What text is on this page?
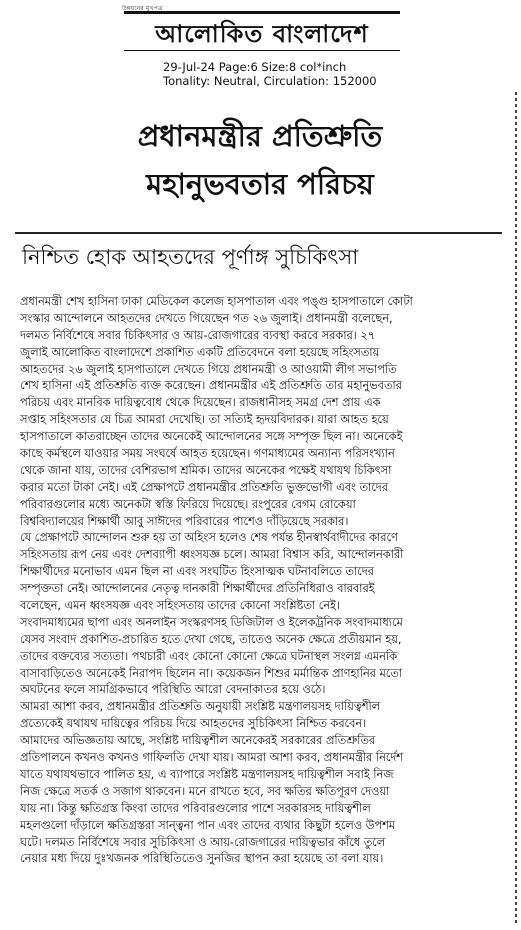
উন্নয়নের মুখপত্র
আলোকিত বাংলাদেশ
29-Jul-24 Page:6 Size:8 col*inch
Tonality: Neutral, Circulation: 152000
প্রধানমন্ত্রীর প্রতিশ্রুতি
মহানুভবতার পরিচয়
নিশ্চিত হোক আহতদের পূর্ণাঙ্গ সুচিকিৎসা
প্রধানমন্ত্রী শেখ হাসিনা ঢাকা মেডিকেল কলেজ হাসপাতাল এবং পঙ্গু হাসপাতালে কোটা
সংস্কার আন্দোলনে আহতদের দেখতে গিয়েছেন গত ২৬ জুলাই। প্রধানমন্ত্রী বলেছেন,
দলমত নির্বিশেষে সবার চিকিৎসার ও আয়-রোজগারের ব্যবস্থা করবে সরকার। ২৭
জুলাই আলোকিত বাংলাদেশে প্রকাশিত একটি প্রতিবেদনে বলা হয়েছে সহিংসতায়
আহতদের ২৬ জুলাই হাসপাতালে দেখতে গিয়ে প্রধানমন্ত্রী ও আওয়ামী লীগ সভাপতি
শেখ হাসিনা এই প্রতিশ্রুতি ব্যক্ত করেছেন। প্রধানমন্ত্রীর এই প্রতিশ্রুতি তার মহানুভবতার
পরিচয় এবং মানবিক দায়িত্ববোধ থেকে দিয়েছেন। রাজধানীসহ সমগ্র দেশ প্রায় এক
সপ্তাহ সহিংসতার যে চিত্র আমরা দেখেছি। তা সত্যিই হৃদয়বিদারক। যারা আহত হয়ে
হাসপাতালে কাতরাচ্ছেন তাদের অনেকেই আন্দোলনের সঙ্গে সম্পৃক্ত ছিল না। অনেকেই
কাছে কর্মস্থলে যাওয়ার সময় সংঘর্ষে আহত হয়েছেন। গণমাধ্যমের অন্যান্য পরিসংখ্যান
থেকে জানা যায়, তাদের বেশিরভাগ শ্রমিক। তাদের অনেকের পক্ষেই যথাযথ চিকিৎসা
করার মতো টাকা নেই। এই প্রেক্ষাপটে প্রধানমন্ত্রীর প্রতিশ্রুতি ভুক্তভোগী এবং তাদের
পরিবারগুলোর মধ্যে অনেকটা স্বস্তি ফিরিয়ে দিয়েছে। রংপুরের বেগম রোকেয়া
বিশ্ববিদ্যালয়ের শিক্ষার্থী আবু সাঈদের পরিবারের পাশেও দাঁড়িয়েছে সরকার।
যে প্রেক্ষাপটে আন্দোলন শুরু হয় তা অহিংস হলেও শেষ পর্যন্ত হীনস্বার্থবাদীদের কারণে
সহিংসতায় রূপ নেয় এবং দেশব্যাপী ধ্বংসযজ্ঞ চলে। আমরা বিশ্বাস করি, আন্দোলনকারী
শিক্ষার্থীদের মনোভাব এমন ছিল না এবং সংঘটিত হিংসাত্মক ঘটনাবলিতে তাদের
সম্পৃক্ততা নেই। আন্দোলনের নেতৃত্ব দানকারী শিক্ষার্থীদের প্রতিনিধিরাও বারবারই
বলেছেন, এমন ধ্বংসযজ্ঞ এবং সহিংসতায় তাদের কোনো সংশ্লিষ্টতা নেই।
সংবাদমাধ্যমের ছাপা এবং অনলাইন সংস্করণসহ ডিজিটাল ও ইলেকট্রনিক সংবাদমাধ্যমে
যেসব সংবাদ প্রকাশিত-প্রচারিত হতে দেখা গেছে, তাতেও অনেক ক্ষেত্রে প্রতীয়মান হয়,
তাদের বক্তব্যের সত্যতা। পথচারী এবং কোনো কোনো ক্ষেত্রে ঘটনাস্থল সংলগ্ন এমনকি
বাসাবাড়িতেও অনেকেই নিরাপদ ছিলেন না। কয়েকজন শিশুর মর্মান্তিক প্রাণহানির মতো
অঘটনের ফলে সামগ্রিকভাবে পরিস্থিতি আরো বেদনাকাতর হয়ে ওঠে।
আমরা আশা করব, প্রধানমন্ত্রীর প্রতিশ্রুতি অনুযায়ী সংশ্লিষ্ট মন্ত্রণালয়সহ দায়িত্বশীল
প্রত্যেকেই যথাযথ দায়িত্বের পরিচয় দিয়ে আহতদের সুচিকিৎসা নিশ্চিত করবেন।
আমাদের অভিজ্ঞতায় আছে, সংশ্লিষ্ট দায়িত্বশীল অনেকেরই সরকারের প্রতিশ্রুতির
প্রতিপালনে কখনও কখনও গাফিলতি দেখা যায়। আমরা আশা করব, প্রধানমন্ত্রীর নির্দেশ
যাতে যথাযথভাবে পালিত হয়, এ ব্যাপারে সংশ্লিষ্ট মন্ত্রণালয়সহ দায়িত্বশীল সবাই নিজ
নিজ ক্ষেত্রে সতর্ক ও সজাগ থাকবেন। মনে রাখতে হবে, সব ক্ষতির ক্ষতিপূরণ দেওয়া
যায় না। কিন্তু ক্ষতিগ্রস্ত কিংবা তাদের পরিবারগুলোর পাশে সরকারসহ দায়িত্বশীল
মহলগুলো দাঁড়ালে ক্ষতিগ্রস্তরা সান্ত্বনা পান এবং তাদের ব্যথার কিছুটা হলেও উপশম
ঘটে। দলমত নির্বিশেষে সবার সুচিকিৎসা ও আয়-রোজগারের দায়িত্বভার কাঁধে তুলে
নেয়ার মধ্য দিয়ে দুঃখজনক পরিস্থিতিতেও সুনজির স্থাপন করা হয়েছে তা বলা যায়।
